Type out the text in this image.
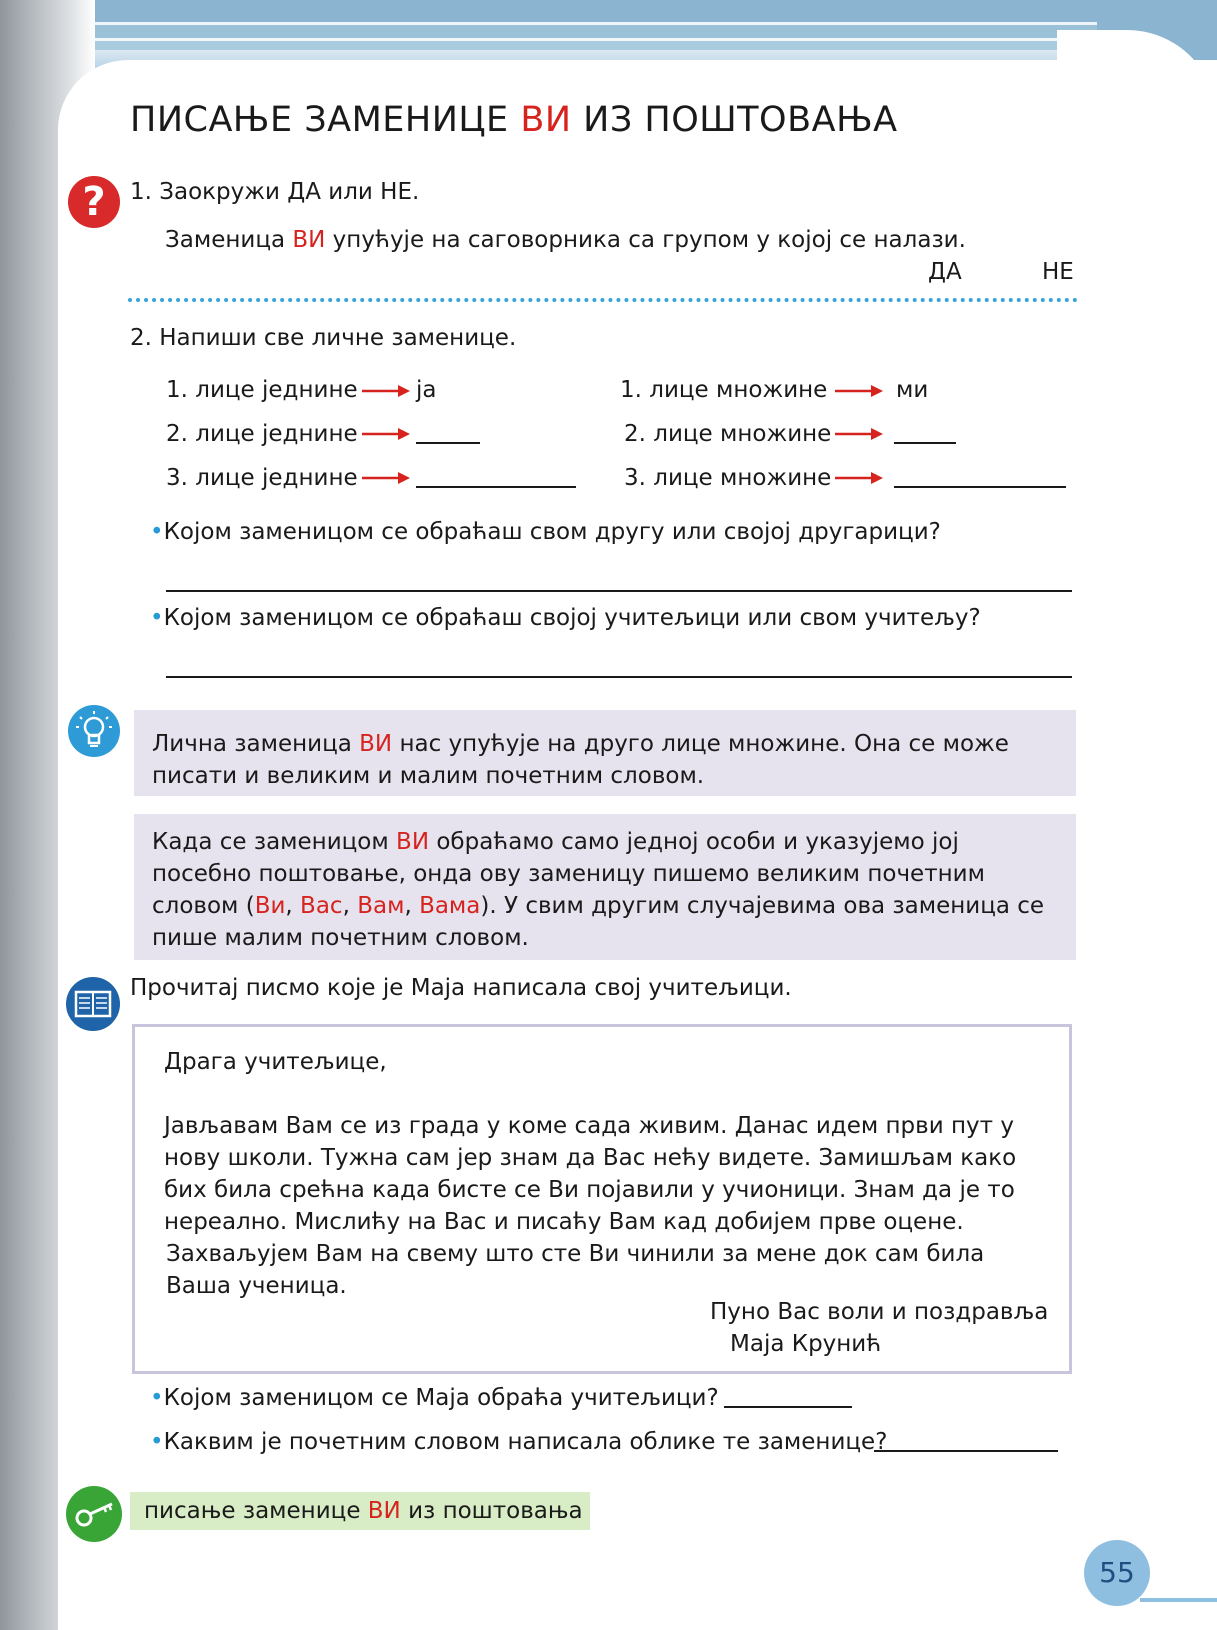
ПИСАЊЕ ЗАМЕНИЦЕ ВИ ИЗ ПОШТОВАЊА
?	1. Заокружи ДА или НЕ.
Заменица ВИ упућује на саговорника са групом у којој се налази.
ДА	НЕ
2. Напиши све личне заменице.
1. лице једнине	ја
2. лице једнине
3. лице једнине
1. лице множине	ми
2. лице множине
3. лице множине
•Којом заменицом се обраћаш свом другу или својој другарици?
•Којом заменицом се обраћаш својој учитељици или свом учитељу?
Лична заменица ВИ нас упућује на друго лице множине. Она се може
писати и великим и малим почетним словом.
Када се заменицом ВИ обраћамо само једној особи и указујемо јој
посебно поштовање, онда ову заменицу пишемо великим почетним
словом (Ви, Вас, Вам, Вама). У свим другим случајевима ова заменица се
пише малим почетним словом.
Прочитај писмо које је Маја написала свој учитељици.
Драга учитељице,
Јављавам Вам се из града у коме сада живим. Данас идем први пут у
нову школи. Тужна сам јер знам да Вас нећу видете. Замишљам како
бих била срећна када бисте се Ви појавили у учионици. Знам да је то
нереално. Мислићу на Вас и писаћу Вам кад добијем прве оцене.
Захваљујем Вам на свему што сте Ви чинили за мене док сам била
Ваша ученица.
Пуно Вас воли и поздравља
Маја Крунић
•Којом заменицом се Маја обраћа учитељици?
•Каквим је почетним словом написала облике те заменице?
писање заменице ВИ из поштовања
55
